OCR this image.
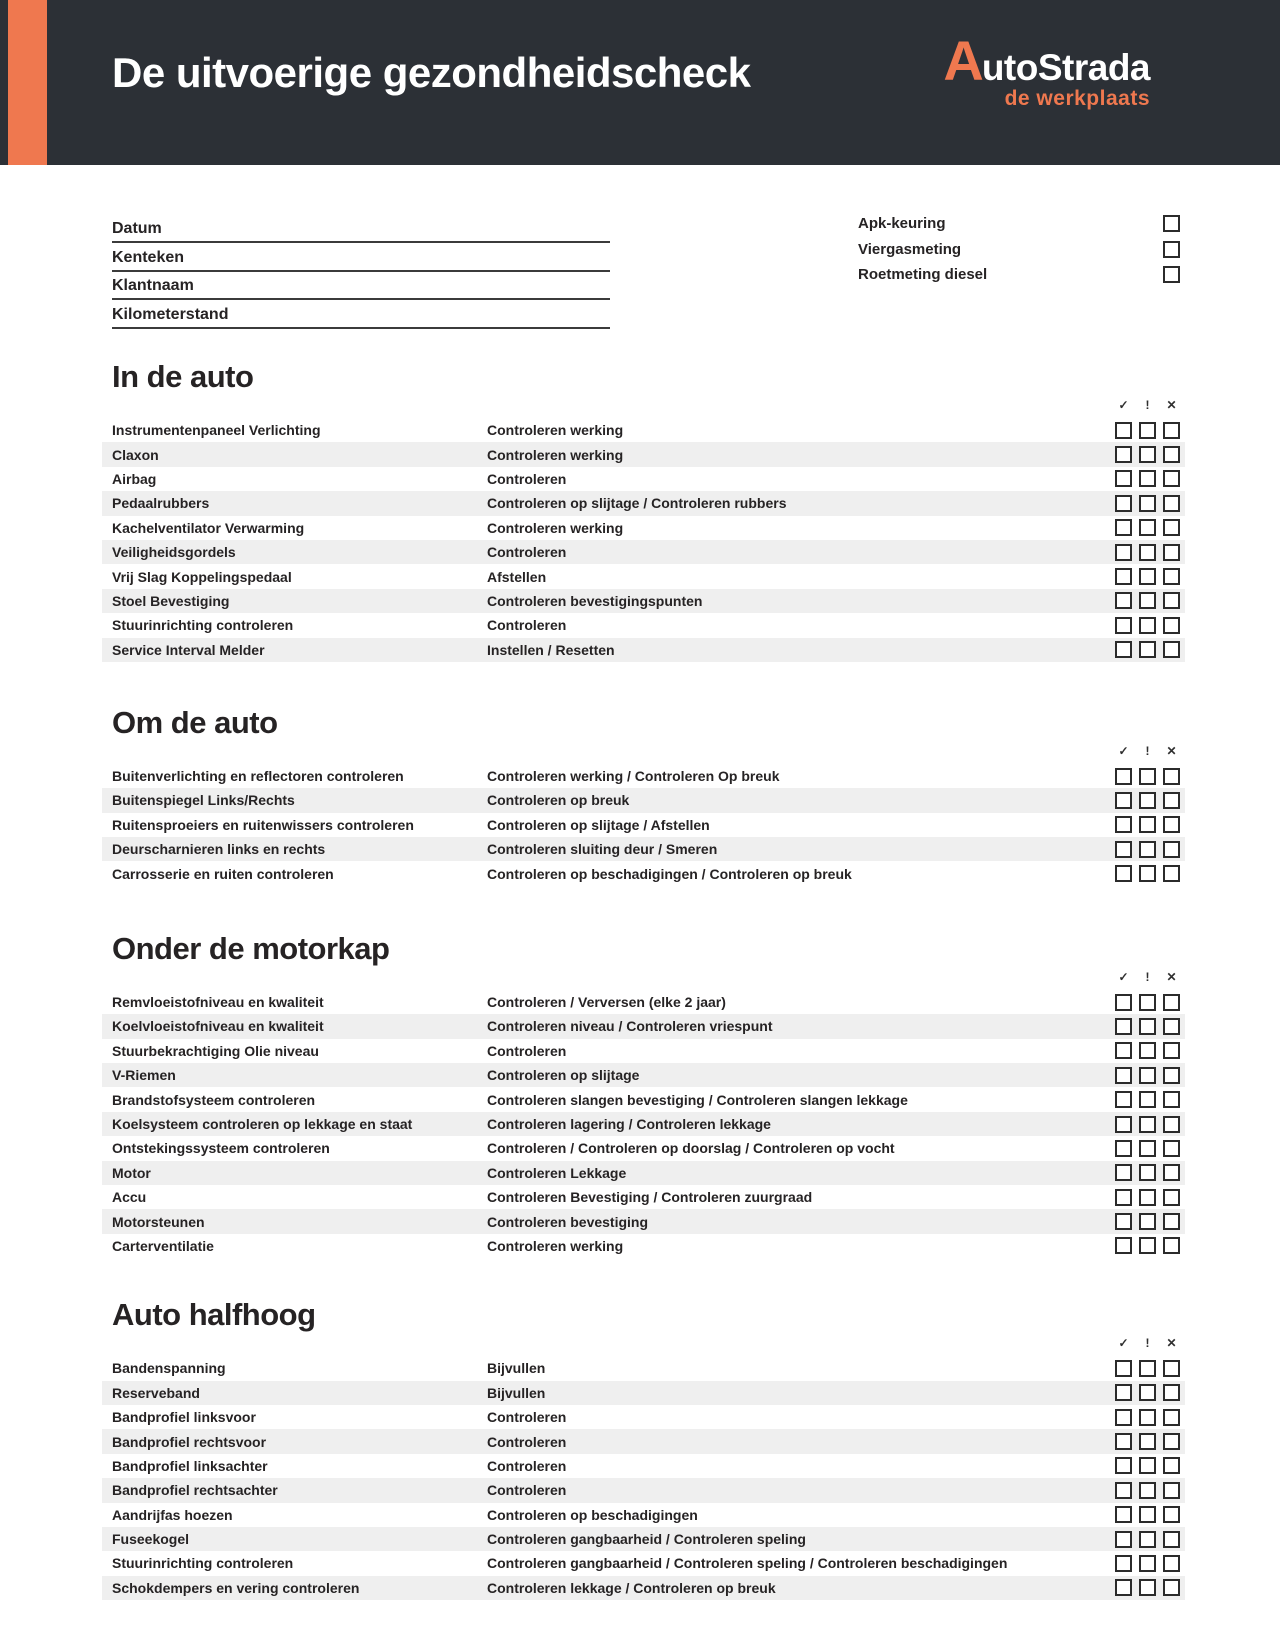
De uitvoerige gezondheidscheck	A utoStrada
de werkplaats
Datum
Kenteken
Klantnaam
Kilometerstand
Apk-keuring
Viergasmeting
Roetmeting diesel
In de auto
✓	!	✕
Instrumentenpaneel Verlichting	Controleren werking
Claxon	Controleren werking
Airbag	Controleren
Pedaalrubbers	Controleren op slijtage / Controleren rubbers
Kachelventilator Verwarming	Controleren werking
Veiligheidsgordels	Controleren
Vrij Slag Koppelingspedaal	Afstellen
Stoel Bevestiging	Controleren bevestigingspunten
Stuurinrichting controleren	Controleren
Service Interval Melder	Instellen / Resetten
Om de auto
✓	!	✕
Buitenverlichting en reflectoren controleren	Controleren werking / Controleren Op breuk
Buitenspiegel Links/Rechts	Controleren op breuk
Ruitensproeiers en ruitenwissers controleren	Controleren op slijtage / Afstellen
Deurscharnieren links en rechts	Controleren sluiting deur / Smeren
Carrosserie en ruiten controleren	Controleren op beschadigingen / Controleren op breuk
Onder de motorkap
✓	!	✕
Remvloeistofniveau en kwaliteit	Controleren / Verversen (elke 2 jaar)
Koelvloeistofniveau en kwaliteit	Controleren niveau / Controleren vriespunt
Stuurbekrachtiging Olie niveau	Controleren
V-Riemen	Controleren op slijtage
Brandstofsysteem controleren	Controleren slangen bevestiging / Controleren slangen lekkage
Koelsysteem controleren op lekkage en staat	Controleren lagering / Controleren lekkage
Ontstekingssysteem controleren	Controleren / Controleren op doorslag / Controleren op vocht
Motor	Controleren Lekkage
Accu	Controleren Bevestiging / Controleren zuurgraad
Motorsteunen	Controleren bevestiging
Carterventilatie	Controleren werking
Auto halfhoog
✓	!	✕
Bandenspanning	Bijvullen
Reserveband	Bijvullen
Bandprofiel linksvoor	Controleren
Bandprofiel rechtsvoor	Controleren
Bandprofiel linksachter	Controleren
Bandprofiel rechtsachter	Controleren
Aandrijfas hoezen	Controleren op beschadigingen
Fuseekogel	Controleren gangbaarheid / Controleren speling
Stuurinrichting controleren	Controleren gangbaarheid / Controleren speling / Controleren beschadigingen
Schokdempers en vering controleren	Controleren lekkage / Controleren op breuk
